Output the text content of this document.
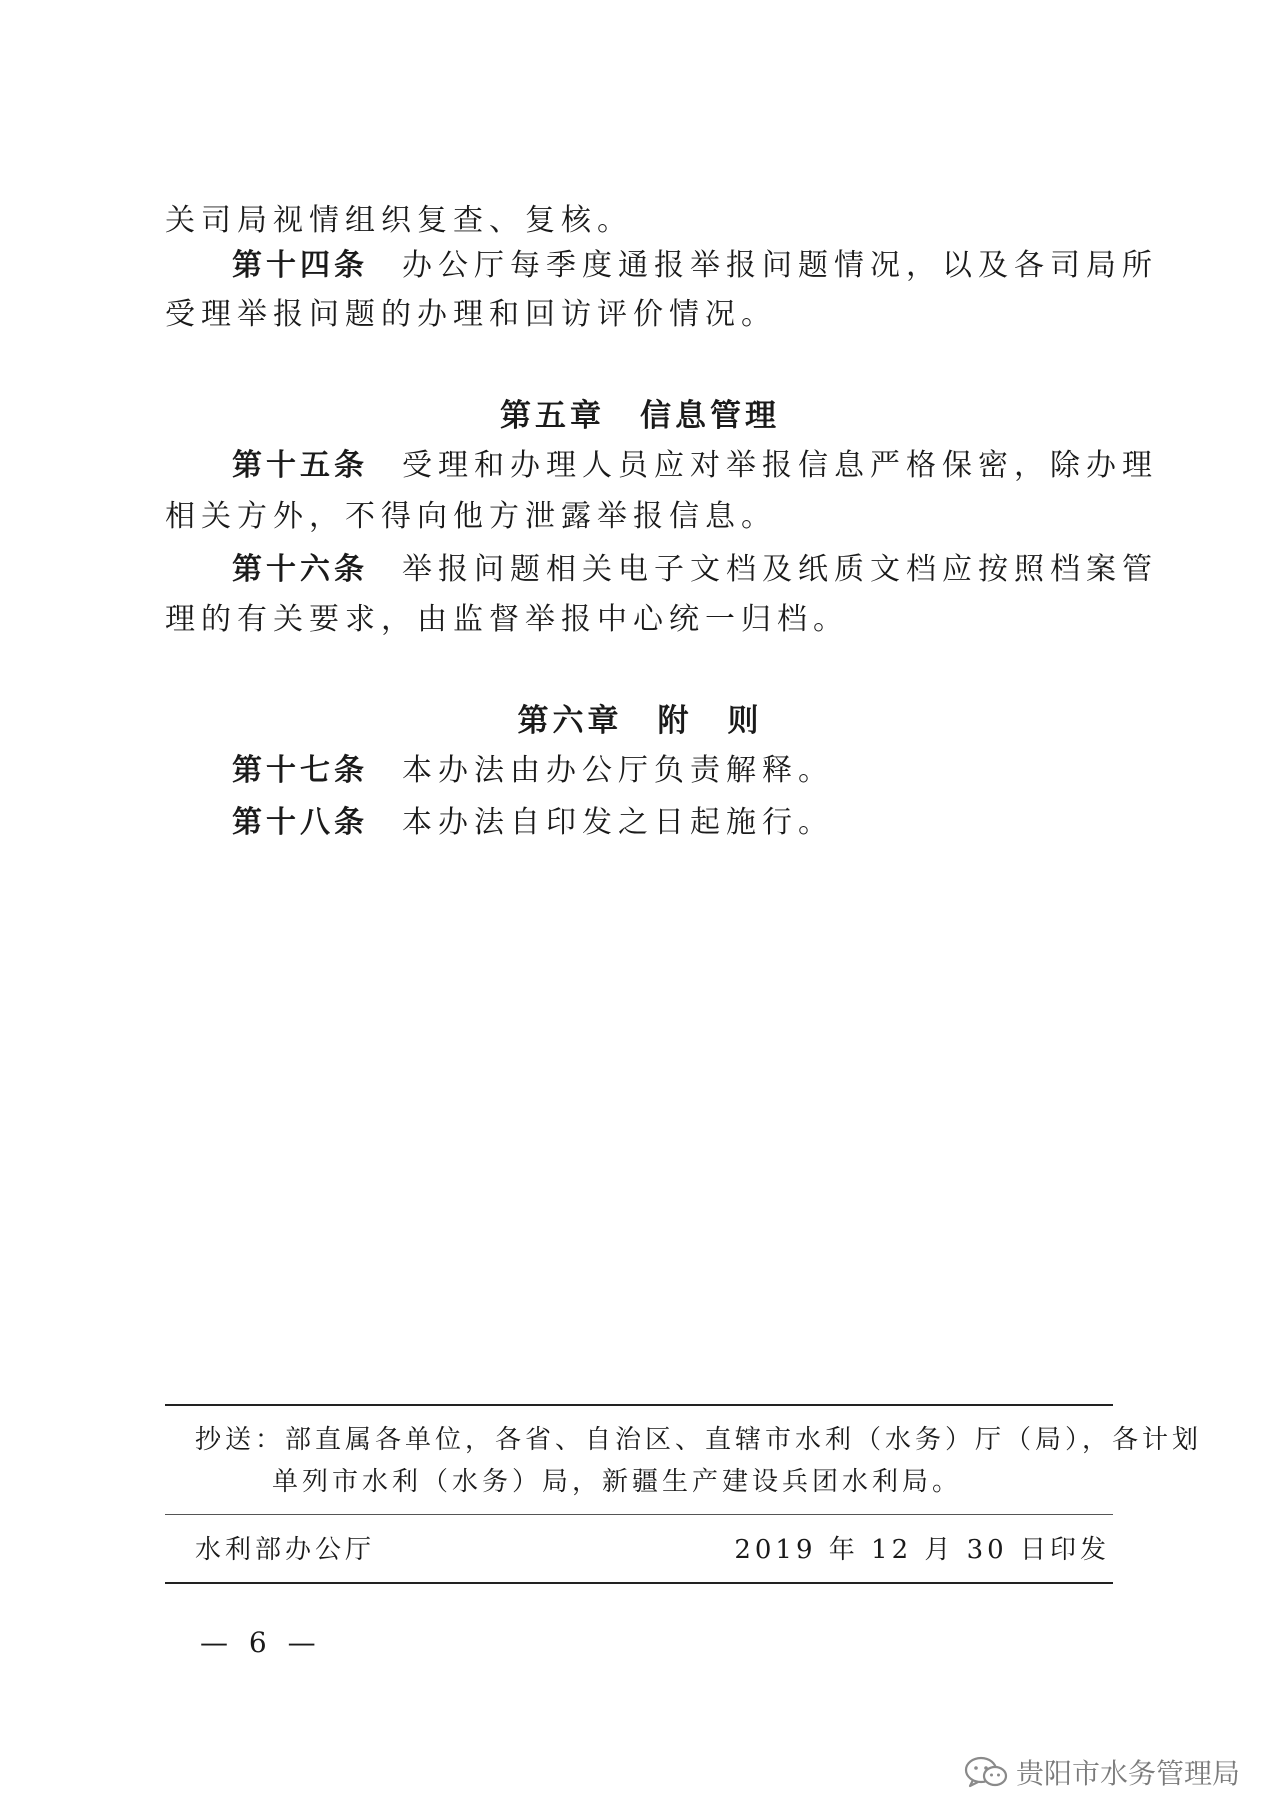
关司局视情组织复查、复核。
第十四条 办公厅每季度通报举报问题情况，以及各司局所
受理举报问题的办理和回访评价情况。
第五章　信息管理
第十五条 受理和办理人员应对举报信息严格保密，除办理
相关方外，不得向他方泄露举报信息。
第十六条 举报问题相关电子文档及纸质文档应按照档案管
理的有关要求，由监督举报中心统一归档。
第六章　附　则
第十七条 本办法由办公厅负责解释。
第十八条 本办法自印发之日起施行。
抄送：部直属各单位，各省、自治区、直辖市水利（水务）厅（局），各计划
单列市水利（水务）局，新疆生产建设兵团水利局。
水利部办公厅	2019 年 12 月 30 日印发
— 6 —
贵阳市水务管理局
